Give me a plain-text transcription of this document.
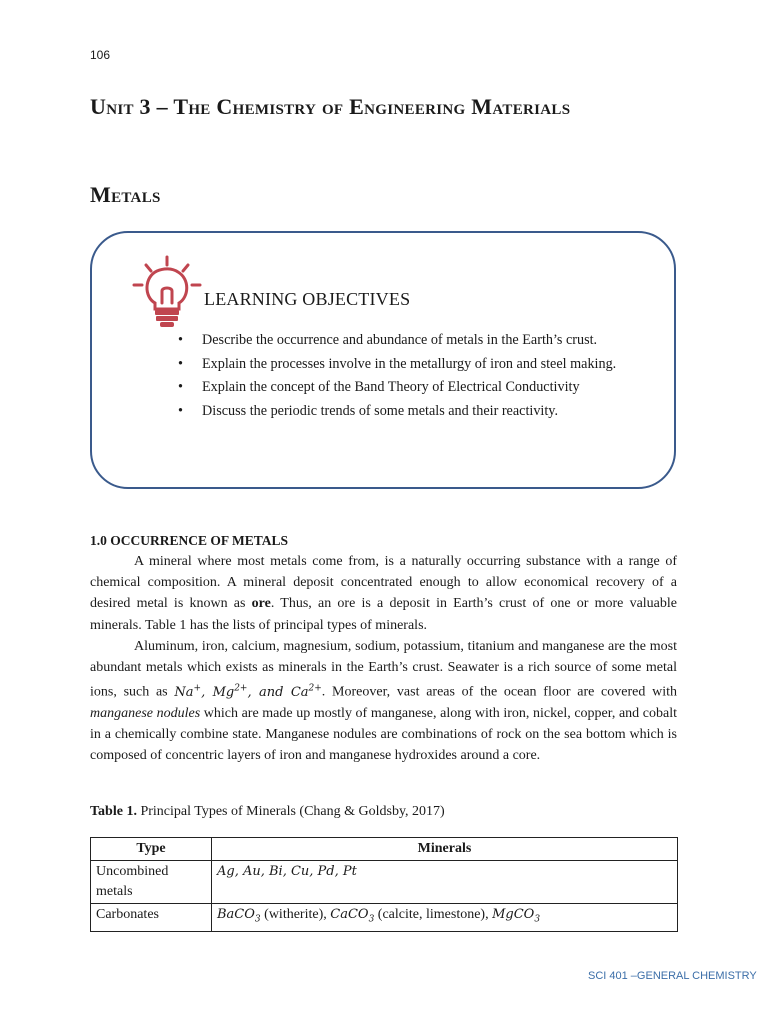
106
Unit 3 – The Chemistry of Engineering Materials
Metals
LEARNING OBJECTIVES
• Describe the occurrence and abundance of metals in the Earth’s crust.
• Explain the processes involve in the metallurgy of iron and steel making.
• Explain the concept of the Band Theory of Electrical Conductivity
• Discuss the periodic trends of some metals and their reactivity.
1.0 OCCURRENCE OF METALS

A mineral where most metals come from, is a naturally occurring substance with a range of chemical composition. A mineral deposit concentrated enough to allow economical recovery of a desired metal is known as ore. Thus, an ore is a deposit in Earth’s crust of one or more valuable minerals. Table 1 has the lists of principal types of minerals.

Aluminum, iron, calcium, magnesium, sodium, potassium, titanium and manganese are the most abundant metals which exists as minerals in the Earth’s crust. Seawater is a rich source of some metal ions, such as Na+, $Mg^{2+}$, and $Ca^{2+}$. Moreover, vast areas of the ocean floor are covered with manganese nodules which are made up mostly of manganese, along with iron, nickel, copper, and cobalt in a chemically combine state. Manganese nodules are combinations of rock on the sea bottom which is composed of concentric layers of iron and manganese hydroxides around a core.

Table 1. Principal Types of Minerals (Chang & Goldsby, 2017)

Type	Minerals
Uncombined metals	Ag, Au, Bi, Cu, Pd, Pt
Carbonates	BaCO$_3$ (witherite), CaCO$_3$ (calcite, limestone), MgCO$_3$
SCI 401 –GENERAL CHEMISTRY
